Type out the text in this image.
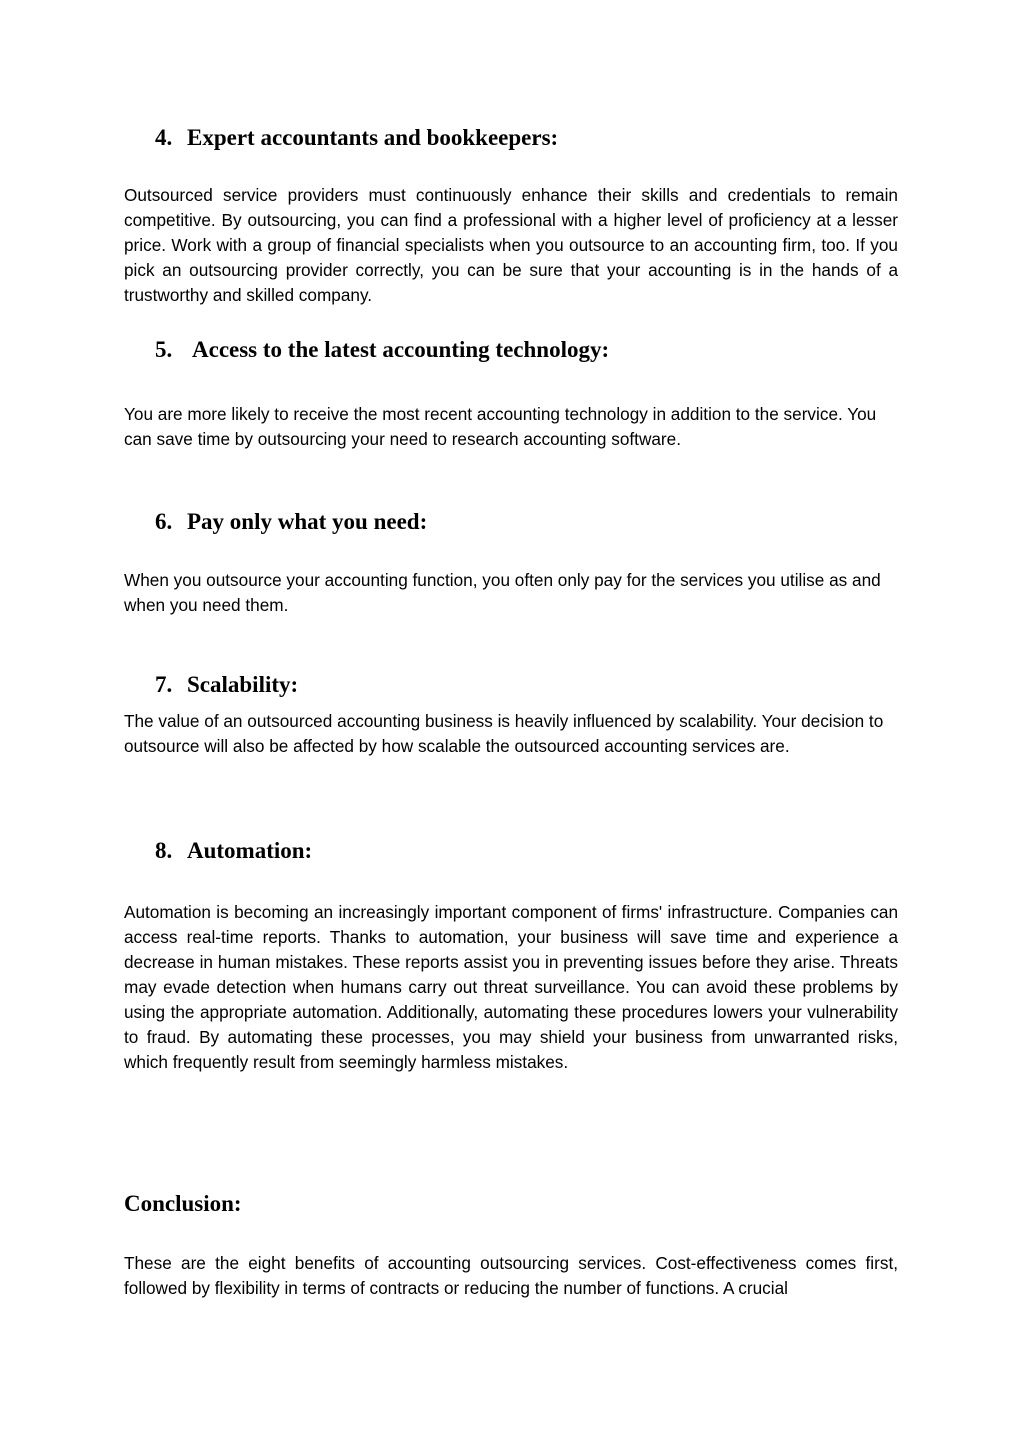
4. Expert accountants and bookkeepers:

Outsourced service providers must continuously enhance their skills and credentials to remain competitive. By outsourcing, you can find a professional with a higher level of proficiency at a lesser price. Work with a group of financial specialists when you outsource to an accounting firm, too. If you pick an outsourcing provider correctly, you can be sure that your accounting is in the hands of a trustworthy and skilled company.

5. Access to the latest accounting technology:

You are more likely to receive the most recent accounting technology in addition to the service. You can save time by outsourcing your need to research accounting software.

6. Pay only what you need:

When you outsource your accounting function, you often only pay for the services you utilise as and when you need them.

7. Scalability:

The value of an outsourced accounting business is heavily influenced by scalability. Your decision to outsource will also be affected by how scalable the outsourced accounting services are.

8. Automation:

Automation is becoming an increasingly important component of firms' infrastructure. Companies can access real-time reports. Thanks to automation, your business will save time and experience a decrease in human mistakes. These reports assist you in preventing issues before they arise. Threats may evade detection when humans carry out threat surveillance. You can avoid these problems by using the appropriate automation. Additionally, automating these procedures lowers your vulnerability to fraud. By automating these processes, you may shield your business from unwarranted risks, which frequently result from seemingly harmless mistakes.

Conclusion:

These are the eight benefits of accounting outsourcing services. Cost-effectiveness comes first, followed by flexibility in terms of contracts or reducing the number of functions. A crucial
